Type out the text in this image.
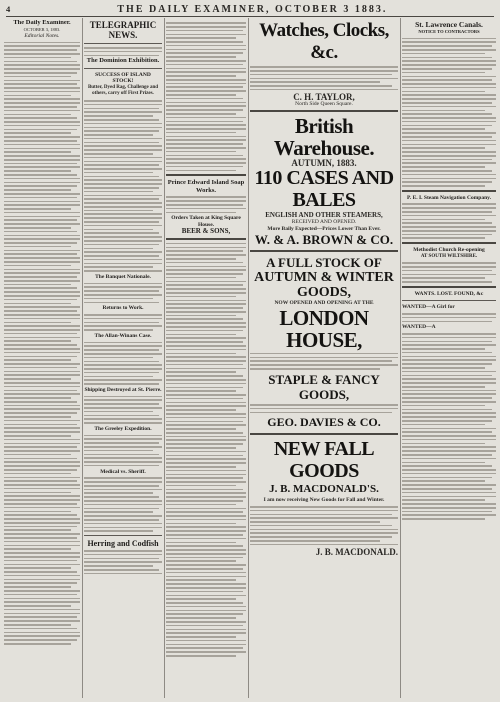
4	THE DAILY EXAMINER, OCTOBER 3 1883.
The Daily Examiner.
OCTOBER 3, 1883.
Editorial Notes.
TELEGRAPHIC NEWS.
The Dominion Exhibition.
SUCCESS OF ISLAND STOCK!
Butter, Dyed Rag, Challenge and others, carry off First Prizes.
The Banquet Nationale.
Returns to Work.
The Allan-Winans Case.
Shipping Destroyed at St. Pierre.
The Greeley Expedition.
Medical vs. Sheriff.
Herring and Codfish
Prince Edward Island Soap Works.
Orders Taken at King Square House.
BEER & SONS,
Watches, Clocks, &c.
C. H. TAYLOR,
North Side Queen Square.
British Warehouse.
AUTUMN, 1883.
110 CASES AND BALES
ENGLISH AND OTHER STEAMERS,
RECEIVED AND OPENED.
More Baily Expected—Prices Lower Than Ever.
W. & A. BROWN & CO.
A FULL STOCK OF
AUTUMN & WINTER GOODS,
NOW OPENED AND OPENING AT THE
LONDON HOUSE,
STAPLE & FANCY GOODS,
GEO. DAVIES & CO.
NEW FALL GOODS
J. B. MACDONALD'S.
I am now receiving New Goods for Fall and Winter.
J. B. MACDONALD.
St. Lawrence Canals.
NOTICE TO CONTRACTORS
P. E. I. Steam Navigation Company.
Methodist Church Re-opening
AT SOUTH WILTSHIRE.
WANTS. LOST. FOUND, &c
WANTED—A Girl for
WANTED—A
